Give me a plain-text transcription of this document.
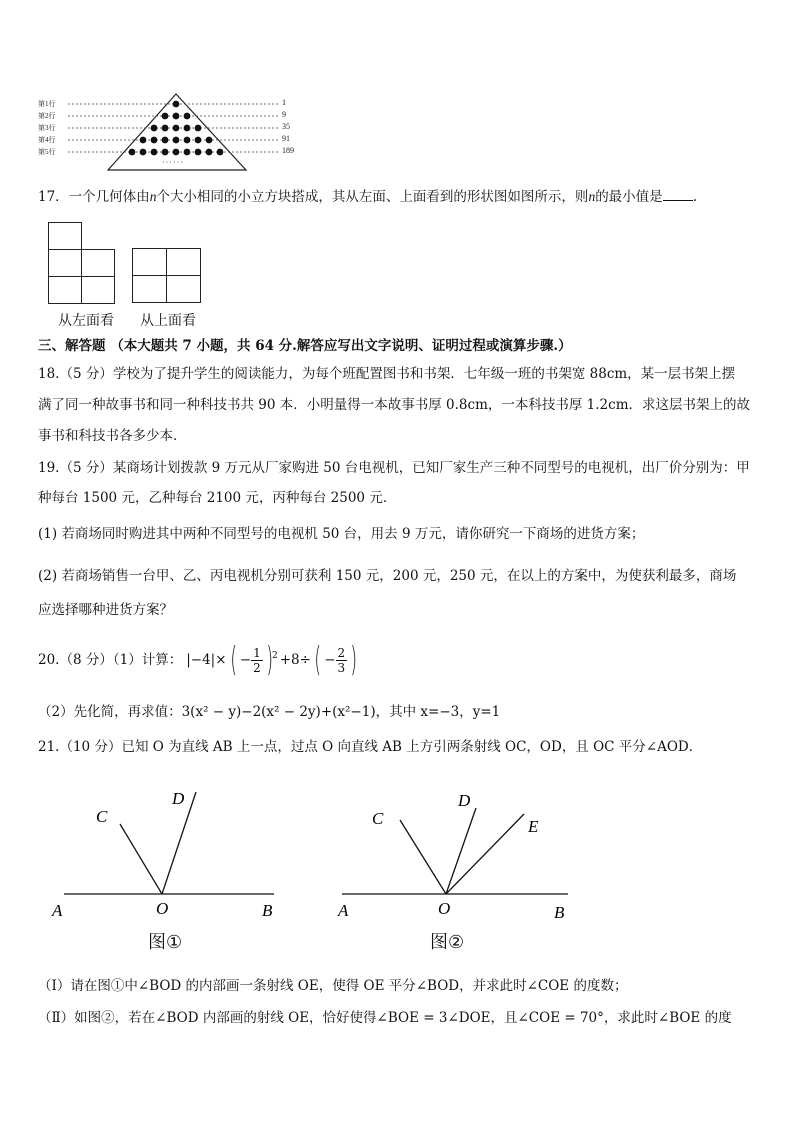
第1行	1
第2行	9
第3行	35
第4行	91
第5行	189
······
17．一个几何体由n个大小相同的小立方块搭成，其从左面、上面看到的形状图如图所示，则n的最小值是 .
从左面看 从上面看
三、解答题 （本大题共 7 小题，共 64 分.解答应写出文字说明、证明过程或演算步骤.）
18.（5 分）学校为了提升学生的阅读能力，为每个班配置图书和书架．七年级一班的书架宽 88cm，某一层书架上摆
满了同一种故事书和同一种科技书共 90 本．小明量得一本故事书厚 0.8cm，一本科技书厚 1.2cm．求这层书架上的故
事书和科技书各多少本．
19.（5 分）某商场计划拨款 9 万元从厂家购进 50 台电视机，已知厂家生产三种不同型号的电视机，出厂价分别为：甲
种每台 1500 元，乙种每台 2100 元，丙种每台 2500 元．
(1) 若商场同时购进其中两种不同型号的电视机 50 台，用去 9 万元，请你研究一下商场的进货方案；
(2) 若商场销售一台甲、乙、丙电视机分别可获利 150 元，200 元，250 元，在以上的方案中，为使获利最多，商场
应选择哪种进货方案？
20.（8 分）（1）计算： |−4|× ( − $\frac{1}{2} )^2 +8\div$ ( − $\frac{2}{3}$ )
（2）先化简，再求值：3(x² − y)−2(x² − 2y)+(x²−1)，其中 x=−3，y=1
21.（10 分）已知 O 为直线 AB 上一点，过点 O 向直线 AB 上方引两条射线 OC，OD，且 OC 平分∠AOD．
A	O	B
C
D
图①
A	O	B
C
D
E
图②
（Ⅰ）请在图①中∠BOD 的内部画一条射线 OE，使得 OE 平分∠BOD，并求此时∠COE 的度数；
（Ⅱ）如图②，若在∠BOD 内部画的射线 OE，恰好使得∠BOE = 3∠DOE，且∠COE = 70°，求此时∠BOE 的度
